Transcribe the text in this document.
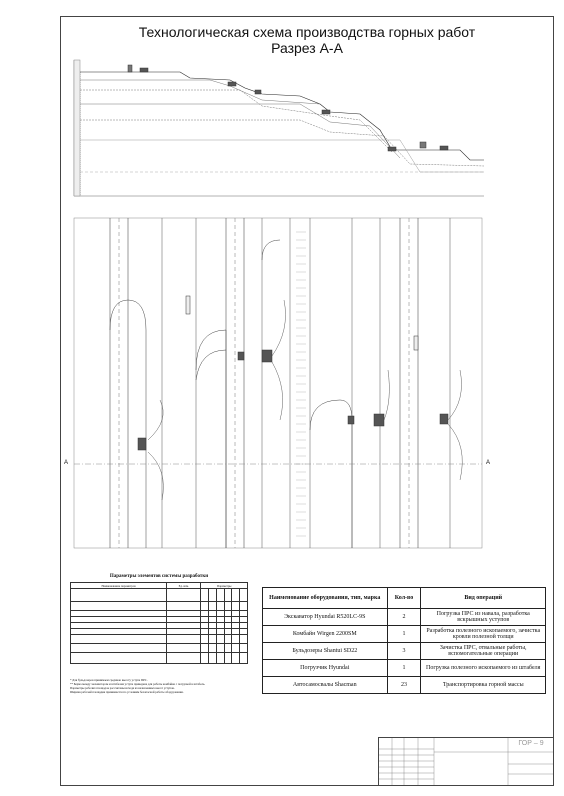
Технологическая схема производства горных работ
Разрез А-А
А	А
Параметры элементов системы разработки
Наименование параметров	Ед. изм.	Параметры					

* Для бульдозеров принимаем среднюю высоту уступа ПРС.
** Берма между экскаватором и штабелем уступа приведена для работы комбайна с погрузкой в штабель.
Параметры рабочих площадок рассчитаны исходя из назначенных высот уступов.
Ширина рабочей площадки принимается по условиям безопасной работы оборудования.
Наименование оборудования, тип, марка	Кол-во	Вид операций
Экскаватор Hyundai R520LC-9S	2	Погрузка ПРС из навала, разработка вскрышных уступов
Комбайн Wirgen 2200SM	1	Разработка полезного ископаемого, зачистка кровли полезной толщи
Бульдозеры Shantui SD22	3	Зачистка ПРС, отвальные работы, вспомогательные операции
Погрузчик Hyundai	1	Погрузка полезного ископаемого из штабеля
Автосамосвалы Shacman	23	Транспортировка горной массы
ГОР – 9
